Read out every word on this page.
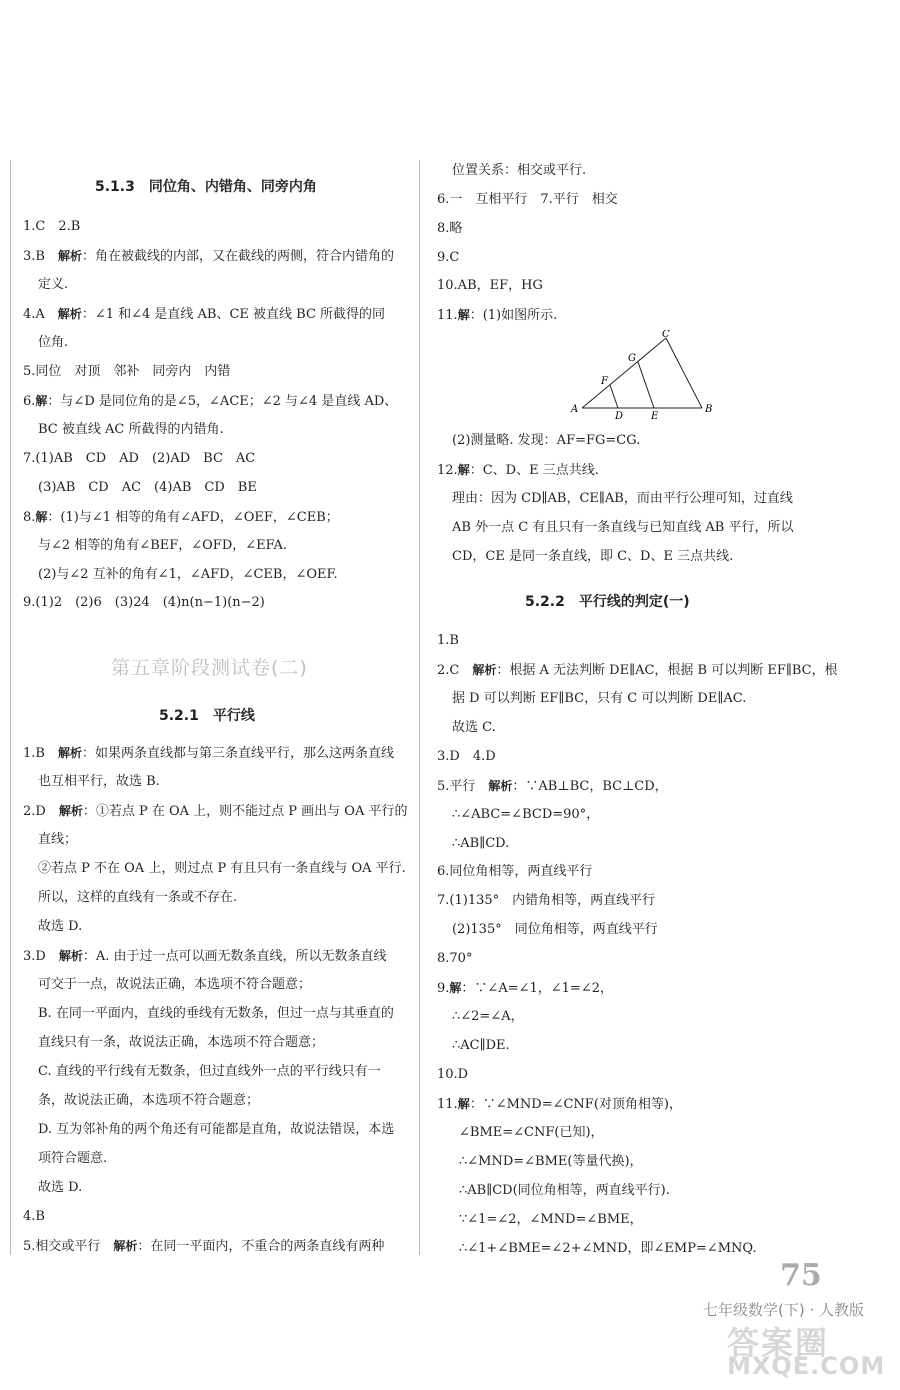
5.1.3　同位角、内错角、同旁内角
1.C　2.B
3.B　解析：角在被截线的内部，又在截线的两侧，符合内错角的
定义.
4.A　解析：∠1 和∠4 是直线 AB、CE 被直线 BC 所截得的同
位角.
5.同位　对顶　邻补　同旁内　内错
6.解：与∠D 是同位角的是∠5，∠ACE；∠2 与∠4 是直线 AD、
BC 被直线 AC 所截得的内错角.
7.(1)AB　CD　AD　(2)AD　BC　AC
(3)AB　CD　AC　(4)AB　CD　BE
8.解：(1)与∠1 相等的角有∠AFD，∠OEF，∠CEB；
与∠2 相等的角有∠BEF，∠OFD，∠EFA.
(2)与∠2 互补的角有∠1，∠AFD，∠CEB，∠OEF.
9.(1)2　(2)6　(3)24　(4)n(n−1)(n−2)
第五章阶段测试卷(二)
5.2.1　平行线
1.B　解析：如果两条直线都与第三条直线平行，那么这两条直线
也互相平行，故选 B.
2.D　解析：①若点 P 在 OA 上，则不能过点 P 画出与 OA 平行的
直线；
②若点 P 不在 OA 上，则过点 P 有且只有一条直线与 OA 平行.
所以，这样的直线有一条或不存在.
故选 D.
3.D　解析：A. 由于过一点可以画无数条直线，所以无数条直线
可交于一点，故说法正确，本选项不符合题意；
B. 在同一平面内，直线的垂线有无数条，但过一点与其垂直的
直线只有一条，故说法正确，本选项不符合题意；
C. 直线的平行线有无数条，但过直线外一点的平行线只有一
条，故说法正确，本选项不符合题意；
D. 互为邻补角的两个角还有可能都是直角，故说法错误，本选
项符合题意.
故选 D.
4.B
5.相交或平行　解析：在同一平面内，不重合的两条直线有两种
位置关系：相交或平行.
6.一　互相平行　7.平行　相交
8.略
9.C
10.AB，EF，HG
11.解：(1)如图所示.
A	B
C
D	E
F
G
(2)测量略. 发现：AF=FG=CG.
12.解：C、D、E 三点共线.
理由：因为 CD∥AB，CE∥AB，而由平行公理可知，过直线
AB 外一点 C 有且只有一条直线与已知直线 AB 平行，所以
CD，CE 是同一条直线，即 C、D、E 三点共线.
5.2.2　平行线的判定(一)
1.B
2.C　解析：根据 A 无法判断 DE∥AC，根据 B 可以判断 EF∥BC，根
据 D 可以判断 EF∥BC，只有 C 可以判断 DE∥AC.
故选 C.
3.D　4.D
5.平行　解析：∵AB⊥BC，BC⊥CD，
∴∠ABC=∠BCD=90°，
∴AB∥CD.
6.同位角相等，两直线平行
7.(1)135°　内错角相等，两直线平行
(2)135°　同位角相等，两直线平行
8.70°
9.解：∵∠A=∠1，∠1=∠2，
∴∠2=∠A，
∴AC∥DE.
10.D
11.解：∵∠MND=∠CNF(对顶角相等)，
∠BME=∠CNF(已知)，
∴∠MND=∠BME(等量代换)，
∴AB∥CD(同位角相等，两直线平行).
∵∠1=∠2，∠MND=∠BME，
∴∠1+∠BME=∠2+∠MND，即∠EMP=∠MNQ.
75
七年级数学(下) · 人教版
答案圈
MXQE.COM
